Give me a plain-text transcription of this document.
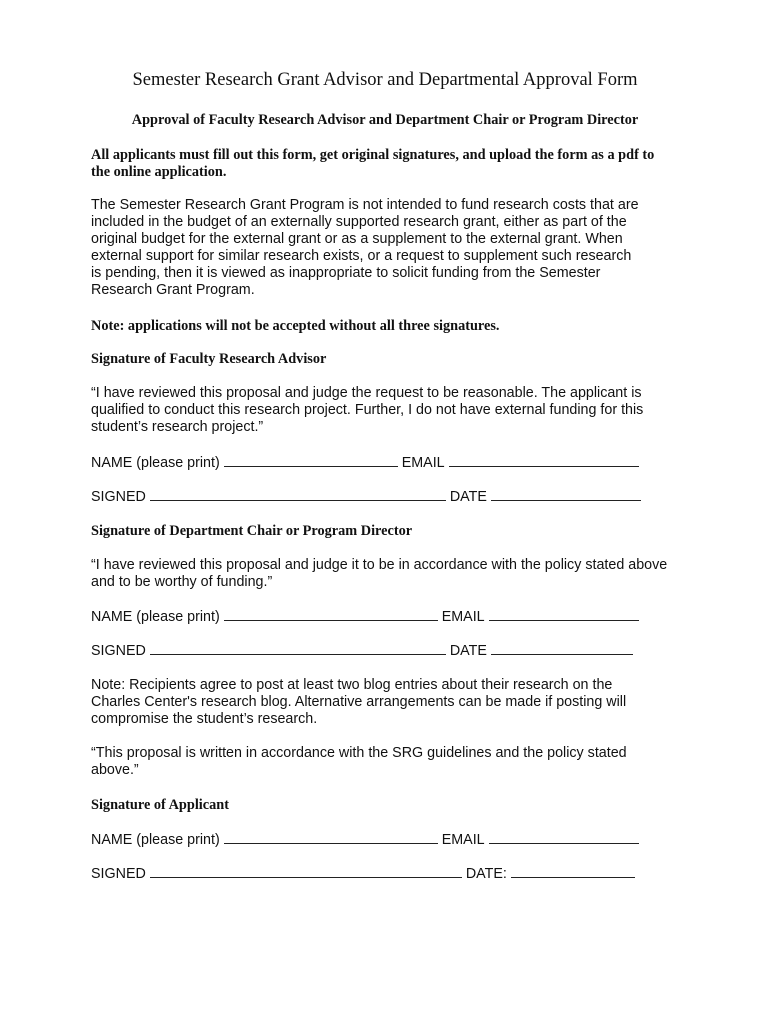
Semester Research Grant Advisor and Departmental Approval Form
Approval of Faculty Research Advisor and Department Chair or Program Director
All applicants must fill out this form, get original signatures, and upload the form as a pdf to
the online application.
The Semester Research Grant Program is not intended to fund research costs that are
included in the budget of an externally supported research grant, either as part of the
original budget for the external grant or as a supplement to the external grant. When
external support for similar research exists, or a request to supplement such research
is pending, then it is viewed as inappropriate to solicit funding from the Semester
Research Grant Program.
Note: applications will not be accepted without all three signatures.
Signature of Faculty Research Advisor
“I have reviewed this proposal and judge the request to be reasonable. The applicant is
qualified to conduct this research project. Further, I do not have external funding for this
student’s research project.”
NAME (please print)	EMAIL
SIGNED	DATE
Signature of Department Chair or Program Director
“I have reviewed this proposal and judge it to be in accordance with the policy stated above
and to be worthy of funding.”
NAME (please print)	EMAIL
SIGNED	DATE
Note: Recipients agree to post at least two blog entries about their research on the
Charles Center's research blog. Alternative arrangements can be made if posting will
compromise the student’s research.
“This proposal is written in accordance with the SRG guidelines and the policy stated
above.”
Signature of Applicant
NAME (please print)	EMAIL
SIGNED	DATE:
